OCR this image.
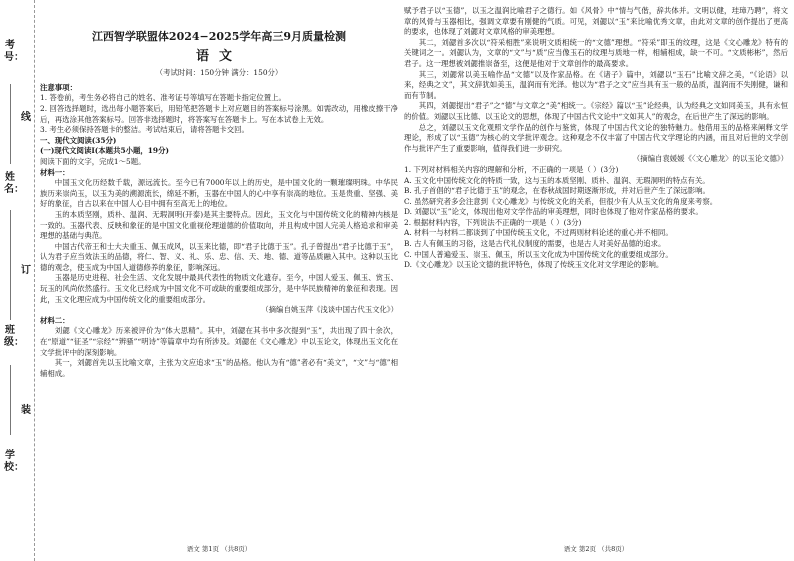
考号：
姓名：
班级：
学校：
线
订
装
江西智学联盟体2024−2025学年高三9月质量检测
语文
（考试时间：150分钟 满分：150分）
注意事项：
1. 答卷前，考生务必将自己的姓名、准考证号等填写在答题卡指定位置上。
2. 回答选择题时，选出每小题答案后，用铅笔把答题卡上对应题目的答案标号涂黑。如需改动，用橡皮擦干净后，再选涂其他答案标号。回答非选择题时，将答案写在答题卡上。写在本试卷上无效。
3. 考生必须保持答题卡的整洁。考试结束后，请将答题卡交回。
一、现代文阅读(35分)
(一)现代文阅读Ⅰ(本题共5小题，19分)
阅读下面的文字，完成1～5题。
材料一：
中国玉文化历经数千载，源远流长。至今已有7000年以上的历史，是中国文化的一颗璀璨明珠。中华民族历来崇尚玉，以玉为美的溯源流长，绵延不断，玉器在中国人的心中享有崇高的地位。玉是贵重、坚强、美好的象征，自古以来在中国人心目中拥有至高无上的地位。
玉的本质坚刚，质朴、温润、无瑕洞明(开泰)是其主要特点。因此，玉文化与中国传统文化的精神内核是一致的。玉器代表、反映和象征的是中国文化重视伦理道德的价值取向，并且构成中国人完美人格追求和审美理想的基础与典范。
中国古代帝王和士大夫重玉、佩玉成风，以玉来比德，即“君子比德于玉”。孔子曾提出“君子比德于玉”，认为君子应当效法玉的品德，将仁、智、义、礼、乐、忠、信、天、地、德、道等品质融入其中。这种以玉比德的观念，使玉成为中国人道德修养的象征，影响深远。
玉器是历史进程、社会生活、文化发展中最具代表性的物质文化遗存。至今，中国人爱玉、佩玉、赏玉、玩玉的风尚依然盛行。玉文化已经成为中国文化不可或缺的重要组成部分，是中华民族精神的象征和表现。因此，玉文化理应成为中国传统文化的重要组成部分。
（摘编自姚玉萍《浅谈中国古代玉文化》）
材料二：
刘勰《文心雕龙》历来被评价为“体大思精”。其中，刘勰在其书中多次提到“玉”，共出现了四十余次，在“原道”“征圣”“宗经”“辨骚”“明诗”等篇章中均有所涉及。刘勰在《文心雕龙》中以玉论文，体现出玉文化在文学批评中的深刻影响。
其一，刘勰首先以玉比喻文章，主张为文应追求“玉”的品格。他认为有“德”者必有“美文”，“文”与“德”相辅相成。
语文 第1页 （共8页）
赋予君子以“玉德”，以玉之温润比喻君子之德行。如《风骨》中“情与气偕，辞共体并。文明以健，珪璋乃聘”，将文章的风骨与玉器相比，强调文章要有刚健的气质。可见，刘勰以“玉”来比喻优秀文章，由此对文章的创作提出了更高的要求，也体现了刘勰对文章风格的审美理想。
其二，刘勰首多次以“符采相胜”来说明文质相统一的“文德”理想。“符采”即玉的纹理，这是《文心雕龙》特有的关键词之一。刘勰认为，文章的“文”与“质”应当像玉石的纹理与质地一样，相辅相成，缺一不可。“文质彬彬”，然后君子。这一理想被刘勰推崇备至，这便是他对于文章创作的最高要求。
其三，刘勰常以美玉喻作品“文德”以及作家品格。在《诸子》篇中，刘勰以“玉石”比喻文辞之美，“《论语》以来，经典之文”，其文辞犹如美玉，温润而有光泽。他以为“君子之文”应当具有玉一般的品质，温润而不失刚健，谦和而有节制。
其四，刘勰提出“君子”之“德”与文章之“美”相统一。《宗经》篇以“玉”论经典，认为经典之文如同美玉，具有永恒的价值。刘勰以玉比德、以玉论文的思想，体现了中国古代文论中“文如其人”的观念，在后世产生了深远的影响。
总之，刘勰以玉文化观照文学作品的创作与鉴赏，体现了中国古代文论的独特魅力。他借用玉的品格来阐释文学理论，形成了以“玉德”为核心的文学批评观念。这种观念不仅丰富了中国古代文学理论的内涵，而且对后世的文学创作与批评产生了重要影响，值得我们进一步研究。
（摘编自袁媛媛《〈文心雕龙〉的以玉论文德》）
1. 下列对材料相关内容的理解和分析，不正确的一项是（ ）(3分)
A. 玉文化中国传统文化的特质一致，这与玉的本质坚刚、质朴、温润、无瑕洞明的特点有关。
B. 孔子首倡的“君子比德于玉”的观念，在春秋战国时期逐渐形成，并对后世产生了深远影响。
C. 虽然研究者多会注意到《文心雕龙》与传统文化的关系，但很少有人从玉文化的角度来考察。
D. 刘勰以“玉”论文，体现出他对文学作品的审美理想，同时也体现了他对作家品格的要求。
2. 根据材料内容，下列说法不正确的一项是（ ）(3分)
A. 材料一与材料二都谈到了中国传统玉文化，不过两则材料论述的重心并不相同。
B. 古人有佩玉的习俗，这是古代礼仪制度的需要，也是古人对美好品德的追求。
C. 中国人普遍爱玉、崇玉、佩玉，所以玉文化成为中国传统文化的重要组成部分。
D.《文心雕龙》以玉论文德的批评特色，体现了传统玉文化对文学理论的影响。
语文 第2页 （共8页）
